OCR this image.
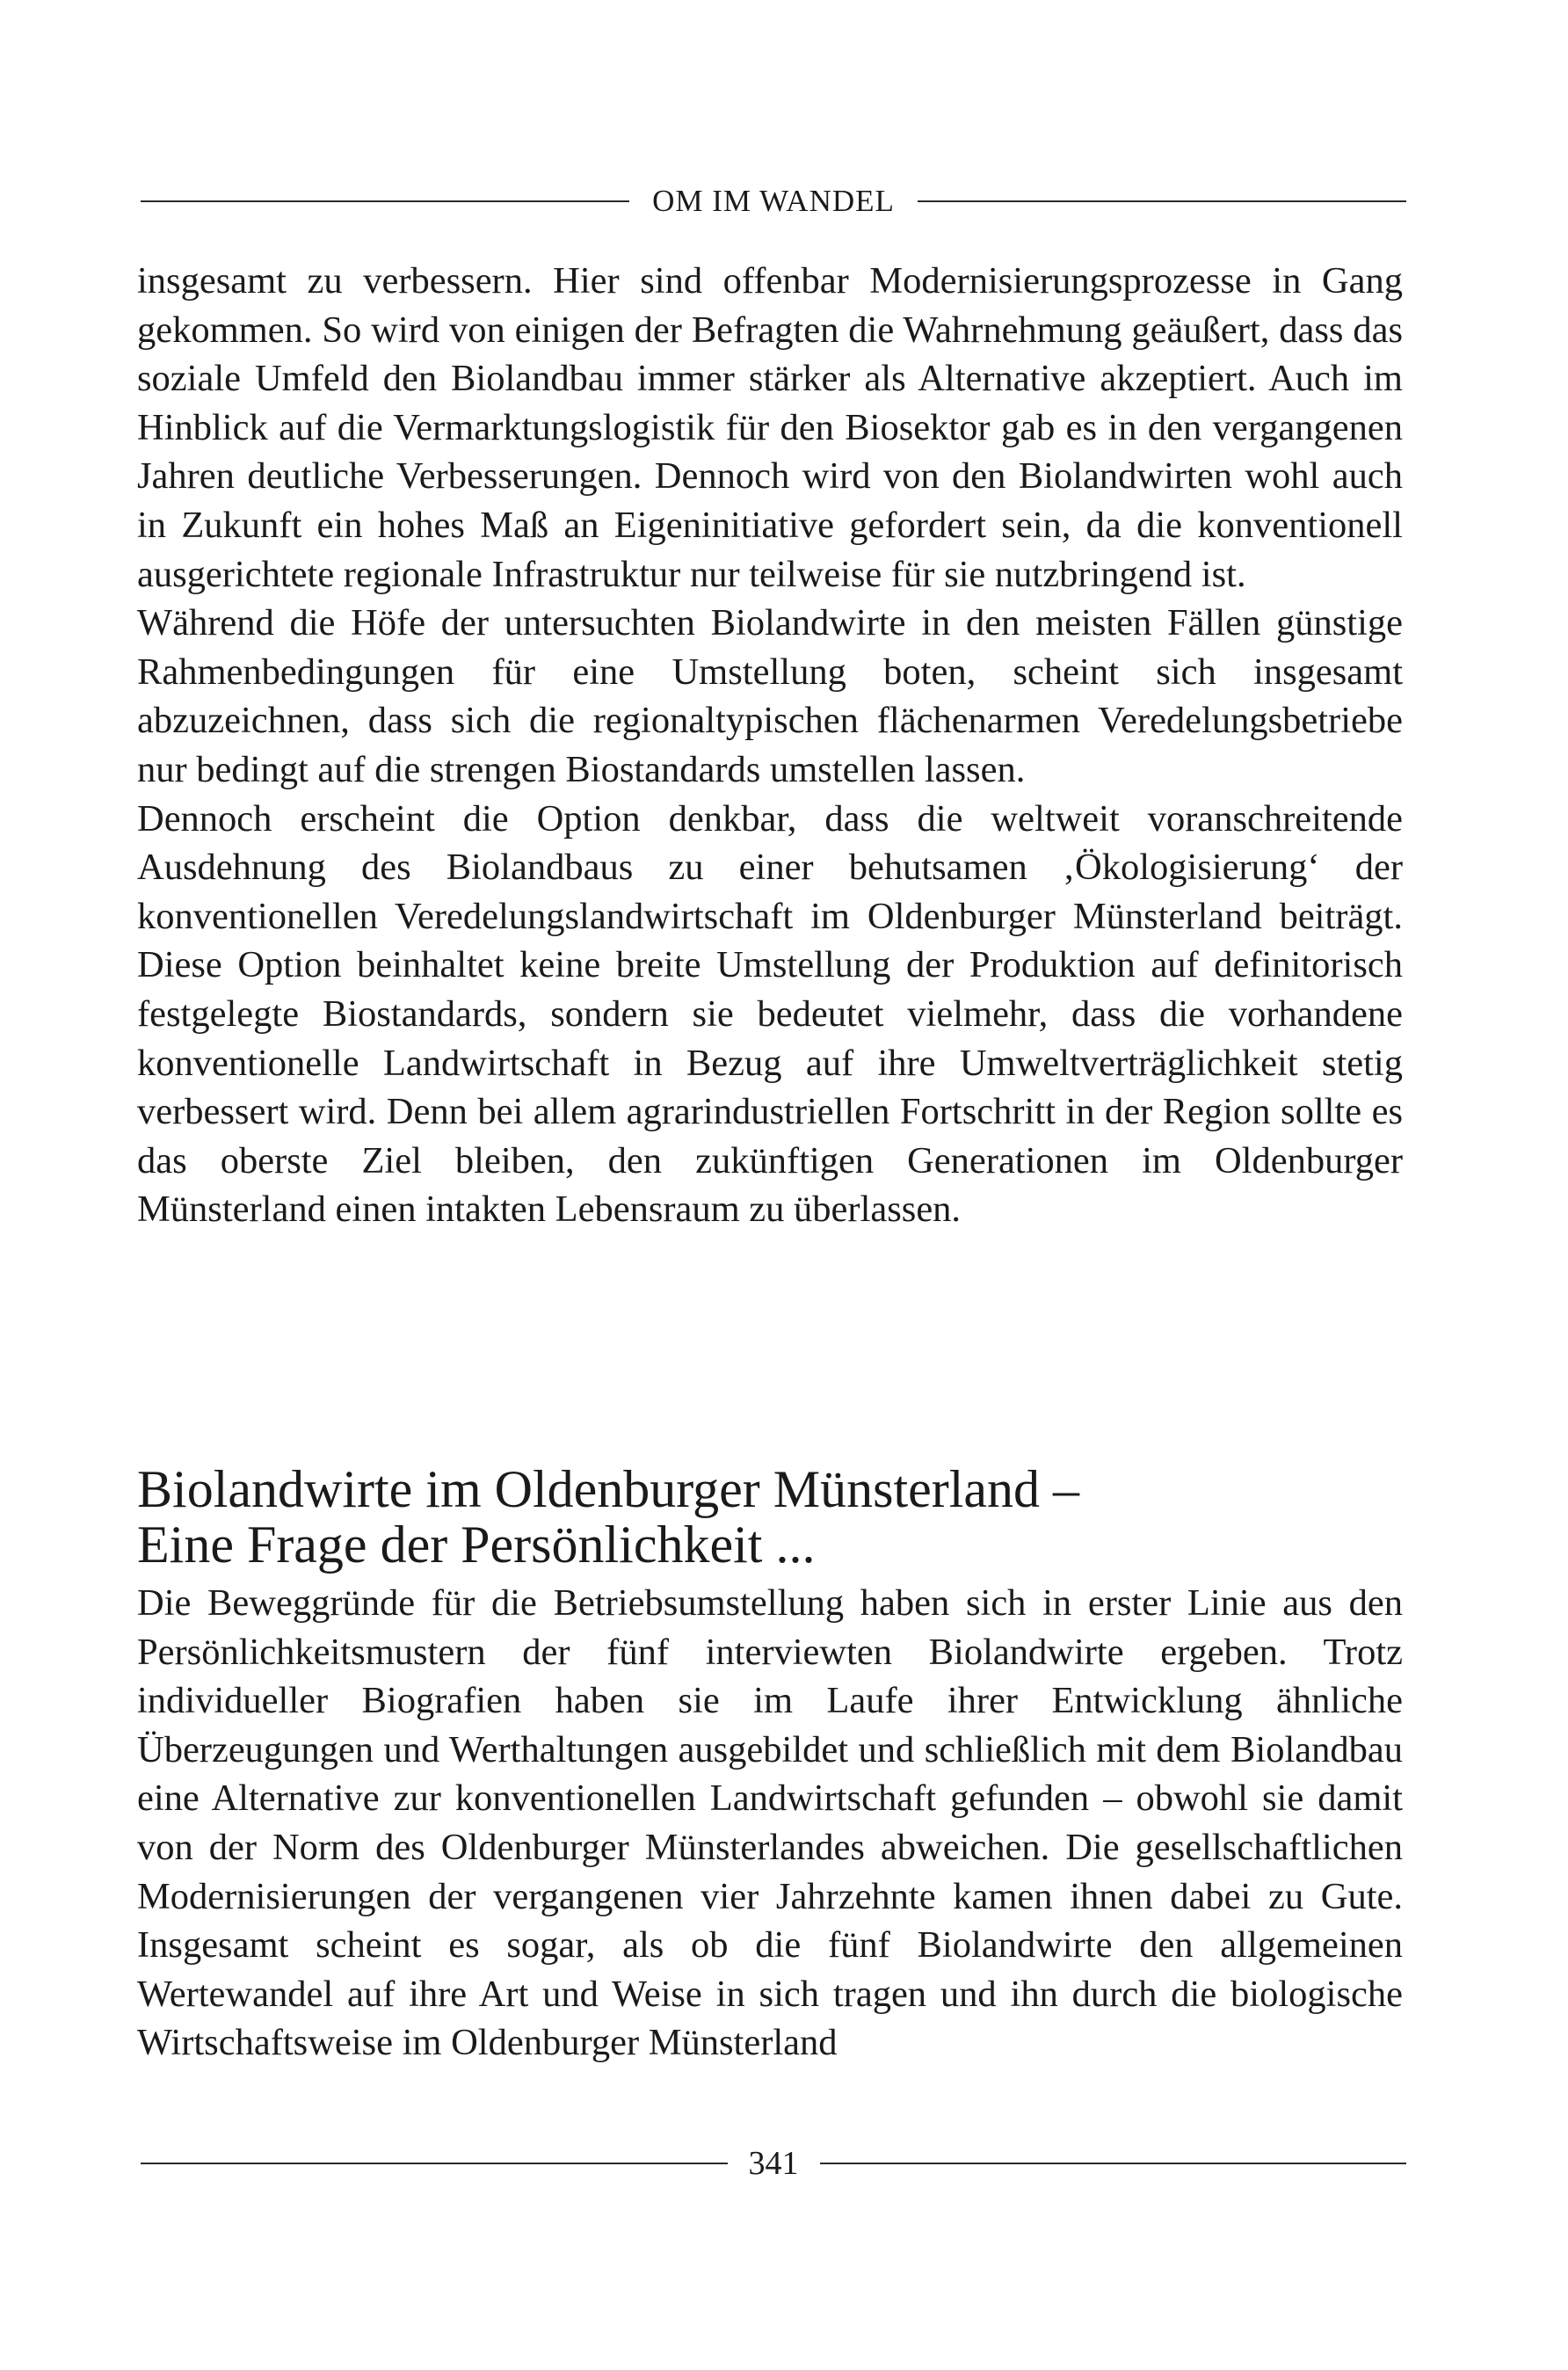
OM IM WANDEL

insgesamt zu verbessern. Hier sind offenbar Modernisierungsprozesse in Gang gekommen. So wird von einigen der Befragten die Wahrnehmung geäußert, dass das soziale Umfeld den Biolandbau immer stärker als Alternative akzeptiert. Auch im Hinblick auf die Vermarktungslogistik für den Biosektor gab es in den vergangenen Jahren deutliche Verbesserungen. Dennoch wird von den Biolandwirten wohl auch in Zukunft ein hohes Maß an Eigeninitiative gefordert sein, da die konventionell ausgerichtete regionale Infrastruktur nur teilweise für sie nutzbringend ist.

Während die Höfe der untersuchten Biolandwirte in den meisten Fällen günstige Rahmenbedingungen für eine Umstellung boten, scheint sich insgesamt abzuzeichnen, dass sich die regionaltypischen flächenarmen Veredelungsbetriebe nur bedingt auf die strengen Biostandards umstellen lassen.

Dennoch erscheint die Option denkbar, dass die weltweit voranschreitende Ausdehnung des Biolandbaus zu einer behutsamen ‚Ökologisierung‘ der konventionellen Veredelungslandwirtschaft im Oldenburger Münsterland beiträgt. Diese Option beinhaltet keine breite Umstellung der Produktion auf definitorisch festgelegte Biostandards, sondern sie bedeutet vielmehr, dass die vorhandene konventionelle Landwirtschaft in Bezug auf ihre Umweltverträglichkeit stetig verbessert wird. Denn bei allem agrarindustriellen Fortschritt in der Region sollte es das oberste Ziel bleiben, den zukünftigen Generationen im Oldenburger Münsterland einen intakten Lebensraum zu überlassen.

Biolandwirte im Oldenburger Münsterland –
Eine Frage der Persönlichkeit ...

Die Beweggründe für die Betriebsumstellung haben sich in erster Linie aus den Persönlichkeitsmustern der fünf interviewten Biolandwirte ergeben. Trotz individueller Biografien haben sie im Laufe ihrer Entwicklung ähnliche Überzeugungen und Werthaltungen ausgebildet und schließlich mit dem Biolandbau eine Alternative zur konventionellen Landwirtschaft gefunden – obwohl sie damit von der Norm des Oldenburger Münsterlandes abweichen. Die gesellschaftlichen Modernisierungen der vergangenen vier Jahrzehnte kamen ihnen dabei zu Gute. Insgesamt scheint es sogar, als ob die fünf Biolandwirte den allgemeinen Wertewandel auf ihre Art und Weise in sich tragen und ihn durch die biologische Wirtschaftsweise im Oldenburger Münsterland

341
